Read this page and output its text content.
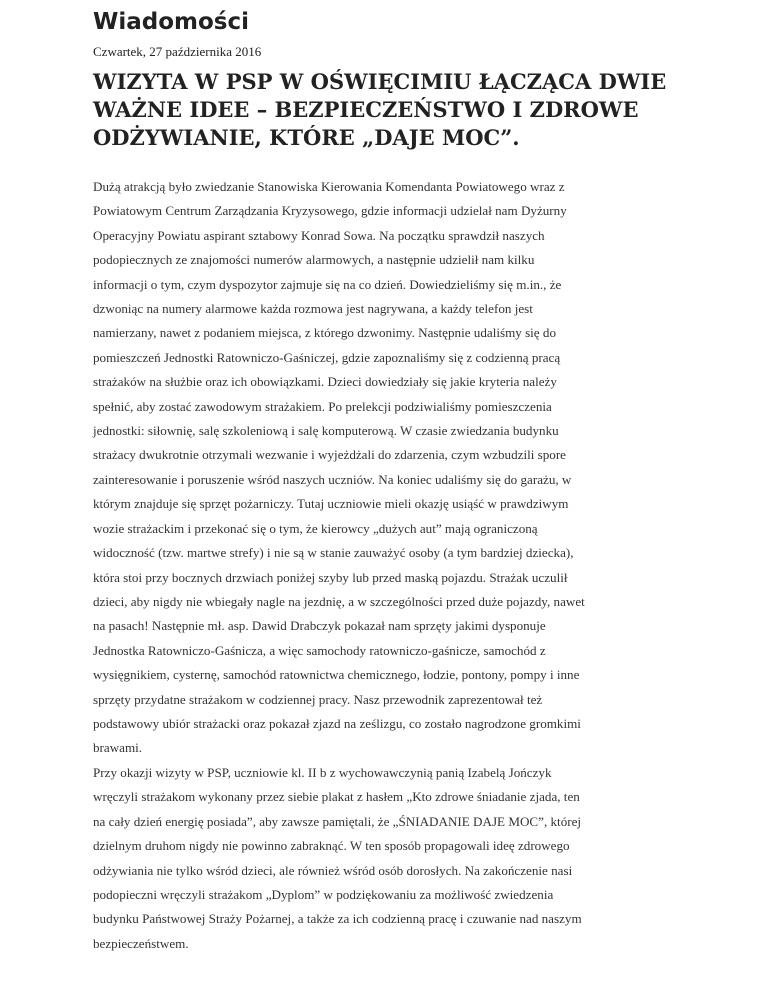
Wiadomości
Czwartek, 27 października 2016
WIZYTA W PSP W OŚWIĘCIMIU ŁĄCZĄCA DWIE
WAŻNE IDEE – BEZPIECZEŃSTWO I ZDROWE
ODŻYWIANIE, KTÓRE „DAJE MOC”.
Dużą atrakcją było zwiedzanie Stanowiska Kierowania Komendanta Powiatowego wraz z
Powiatowym Centrum Zarządzania Kryzysowego, gdzie informacji udzielał nam Dyżurny
Operacyjny Powiatu aspirant sztabowy Konrad Sowa. Na początku sprawdził naszych
podopiecznych ze znajomości numerów alarmowych, a następnie udzielił nam kilku
informacji o tym, czym dyspozytor zajmuje się na co dzień. Dowiedzieliśmy się m.in., że
dzwoniąc na numery alarmowe każda rozmowa jest nagrywana, a każdy telefon jest
namierzany, nawet z podaniem miejsca, z którego dzwonimy. Następnie udaliśmy się do
pomieszczeń Jednostki Ratowniczo-Gaśniczej, gdzie zapoznaliśmy się z codzienną pracą
strażaków na służbie oraz ich obowiązkami. Dzieci dowiedziały się jakie kryteria należy
spełnić, aby zostać zawodowym strażakiem. Po prelekcji podziwialiśmy pomieszczenia
jednostki: siłownię, salę szkoleniową i salę komputerową. W czasie zwiedzania budynku
strażacy dwukrotnie otrzymali wezwanie i wyjeżdżali do zdarzenia, czym wzbudzili spore
zainteresowanie i poruszenie wśród naszych uczniów. Na koniec udaliśmy się do garażu, w
którym znajduje się sprzęt pożarniczy. Tutaj uczniowie mieli okazję usiąść w prawdziwym
wozie strażackim i przekonać się o tym, że kierowcy „dużych aut” mają ograniczoną
widoczność (tzw. martwe strefy) i nie są w stanie zauważyć osoby (a tym bardziej dziecka),
która stoi przy bocznych drzwiach poniżej szyby lub przed maską pojazdu. Strażak uczulił
dzieci, aby nigdy nie wbiegały nagle na jezdnię, a w szczególności przed duże pojazdy, nawet
na pasach! Następnie mł. asp. Dawid Drabczyk pokazał nam sprzęty jakimi dysponuje
Jednostka Ratowniczo-Gaśnicza, a więc samochody ratowniczo-gaśnicze, samochód z
wysięgnikiem, cysternę, samochód ratownictwa chemicznego, łodzie, pontony, pompy i inne
sprzęty przydatne strażakom w codziennej pracy. Nasz przewodnik zaprezentował też
podstawowy ubiór strażacki oraz pokazał zjazd na ześlizgu, co zostało nagrodzone gromkimi
brawami.
Przy okazji wizyty w PSP, uczniowie kl. II b z wychowawczynią panią Izabelą Jończyk
wręczyli strażakom wykonany przez siebie plakat z hasłem „Kto zdrowe śniadanie zjada, ten
na cały dzień energię posiada”, aby zawsze pamiętali, że „ŚNIADANIE DAJE MOC”, której
dzielnym druhom nigdy nie powinno zabraknąć. W ten sposób propagowali ideę zdrowego
odżywiania nie tylko wśród dzieci, ale również wśród osób dorosłych. Na zakończenie nasi
podopieczni wręczyli strażakom „Dyplom” w podziękowaniu za możliwość zwiedzenia
budynku Państwowej Straży Pożarnej, a także za ich codzienną pracę i czuwanie nad naszym
bezpieczeństwem.
